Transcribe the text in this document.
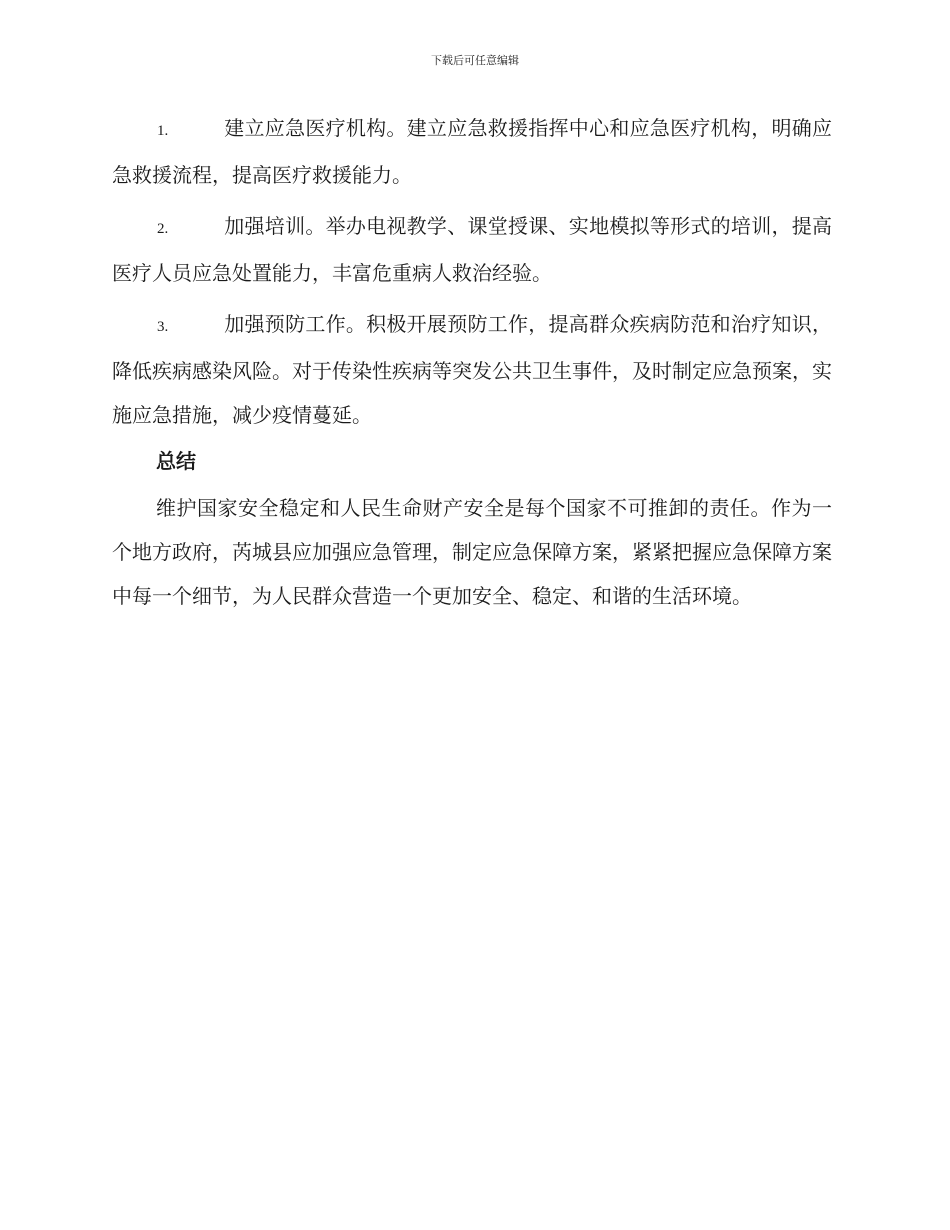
下载后可任意编辑

1.	建立应急医疗机构。建立应急救援指挥中心和应急医疗机构，明确应急救援流程，提高医疗救援能力。

2.	加强培训。举办电视教学、课堂授课、实地模拟等形式的培训，提高医疗人员应急处置能力，丰富危重病人救治经验。

3.	加强预防工作。积极开展预防工作，提高群众疾病防范和治疗知识，降低疾病感染风险。对于传染性疾病等突发公共卫生事件，及时制定应急预案，实施应急措施，减少疫情蔓延。

总结

维护国家安全稳定和人民生命财产安全是每个国家不可推卸的责任。作为一个地方政府，芮城县应加强应急管理，制定应急保障方案，紧紧把握应急保障方案中每一个细节，为人民群众营造一个更加安全、稳定、和谐的生活环境。
